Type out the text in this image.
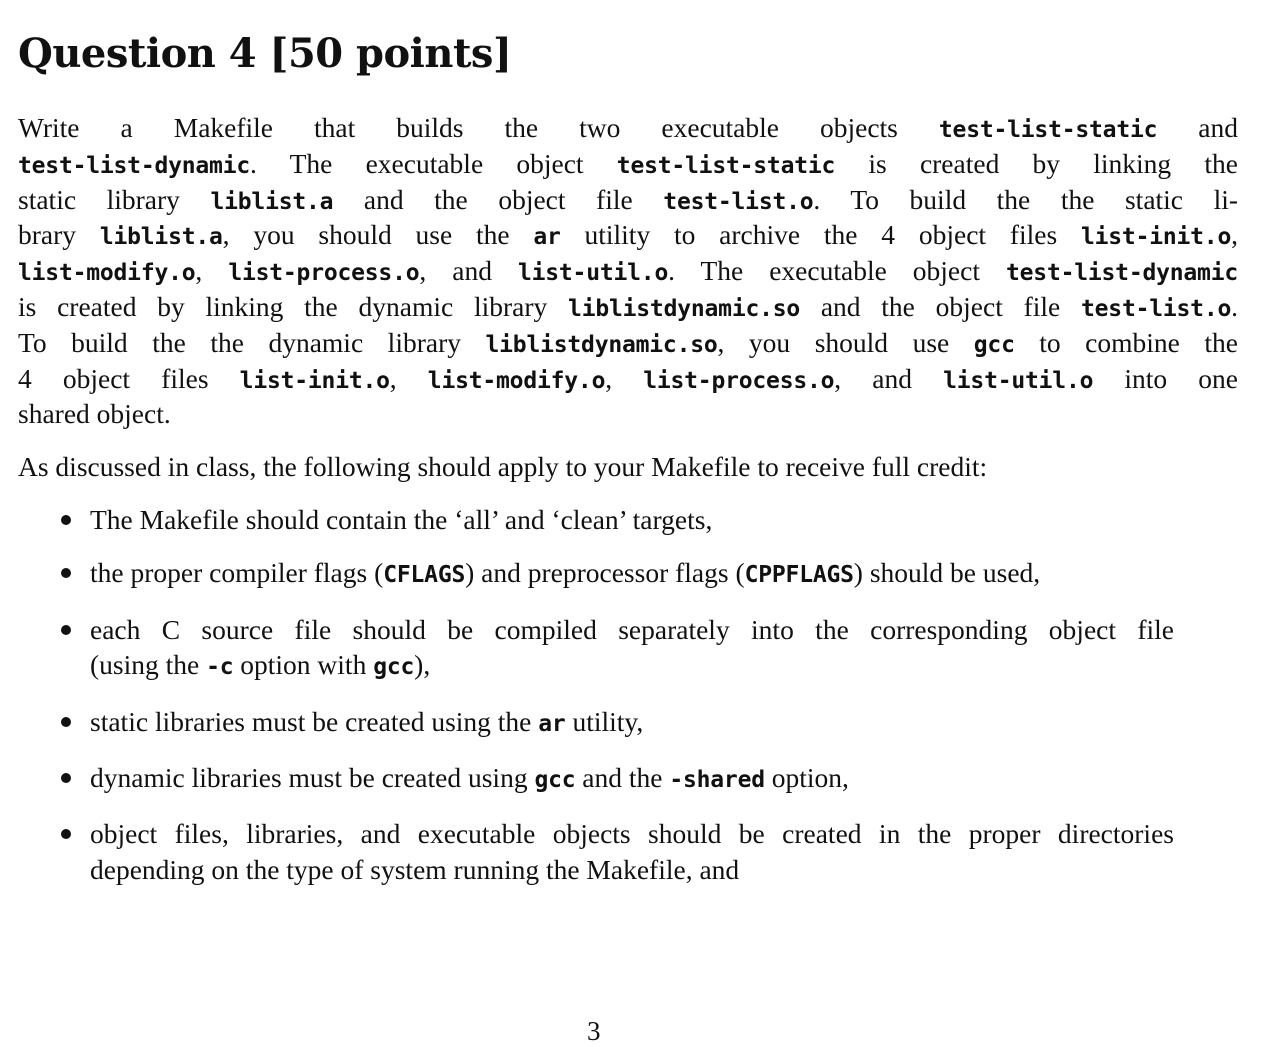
Question 4 [50 points]

Write a Makefile that builds the two executable objects test-list-static and
test-list-dynamic. The executable object test-list-static is created by linking the
static library liblist.a and the object file test-list.o. To build the the static li-
brary liblist.a, you should use the ar utility to archive the 4 object files list-init.o,
list-modify.o, list-process.o, and list-util.o. The executable object test-list-dynamic
is created by linking the dynamic library liblistdynamic.so and the object file test-list.o.
To build the the dynamic library liblistdynamic.so, you should use gcc to combine the
4 object files list-init.o, list-modify.o, list-process.o, and list-util.o into one
shared object.

As discussed in class, the following should apply to your Makefile to receive full credit:

The Makefile should contain the ‘all’ and ‘clean’ targets,
the proper compiler flags (CFLAGS) and preprocessor flags (CPPFLAGS) should be used,
each C source file should be compiled separately into the corresponding object file
(using the -c option with gcc),
static libraries must be created using the ar utility,
dynamic libraries must be created using gcc and the -shared option,
object files, libraries, and executable objects should be created in the proper directories
depending on the type of system running the Makefile, and
3
